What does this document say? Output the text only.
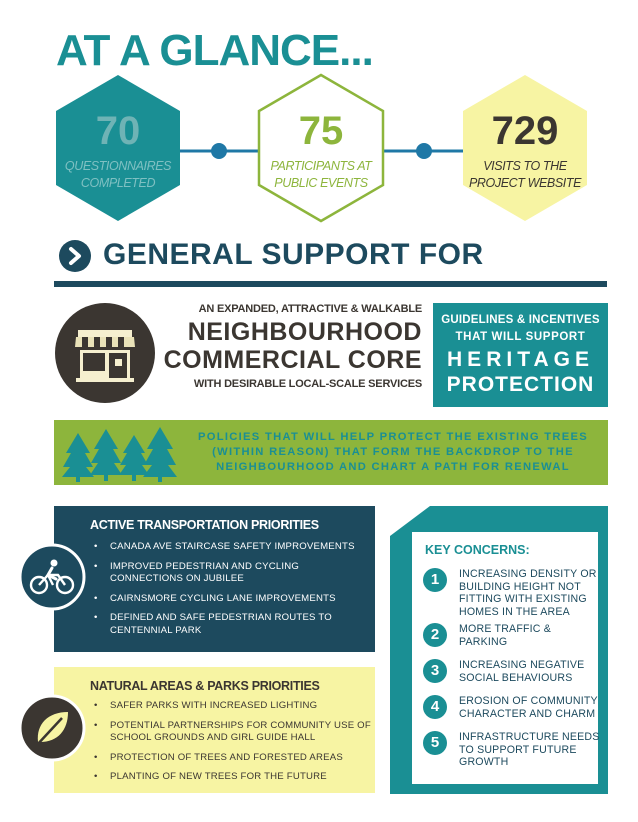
AT A GLANCE...
70
QUESTIONNAIRES
COMPLETED
75
PARTICIPANTS AT
PUBLIC EVENTS
729
VISITS TO THE
PROJECT WEBSITE
GENERAL SUPPORT FOR
AN EXPANDED, ATTRACTIVE & WALKABLE
NEIGHBOURHOOD
COMMERCIAL CORE
WITH DESIRABLE LOCAL-SCALE SERVICES
GUIDELINES & INCENTIVES
THAT WILL SUPPORT
HERITAGE
PROTECTION
POLICIES THAT WILL HELP PROTECT THE EXISTING TREES
(WITHIN REASON) THAT FORM THE BACKDROP TO THE
NEIGHBOURHOOD AND CHART A PATH FOR RENEWAL
ACTIVE TRANSPORTATION PRIORITIES
• CANADA AVE STAIRCASE SAFETY IMPROVEMENTS
• IMPROVED PEDESTRIAN AND CYCLING CONNECTIONS ON JUBILEE
• CAIRNSMORE CYCLING LANE IMPROVEMENTS
• DEFINED AND SAFE PEDESTRIAN ROUTES TO CENTENNIAL PARK
NATURAL AREAS & PARKS PRIORITIES
• SAFER PARKS WITH INCREASED LIGHTING
• POTENTIAL PARTNERSHIPS FOR COMMUNITY USE OF SCHOOL GROUNDS AND GIRL GUIDE HALL
• PROTECTION OF TREES AND FORESTED AREAS
• PLANTING OF NEW TREES FOR THE FUTURE
KEY CONCERNS:
1	INCREASING DENSITY OR BUILDING HEIGHT NOT FITTING WITH EXISTING HOMES IN THE AREA
2	MORE TRAFFIC & PARKING
3	INCREASING NEGATIVE SOCIAL BEHAVIOURS
4	EROSION OF COMMUNITY CHARACTER AND CHARM
5	INFRASTRUCTURE NEEDS TO SUPPORT FUTURE GROWTH
